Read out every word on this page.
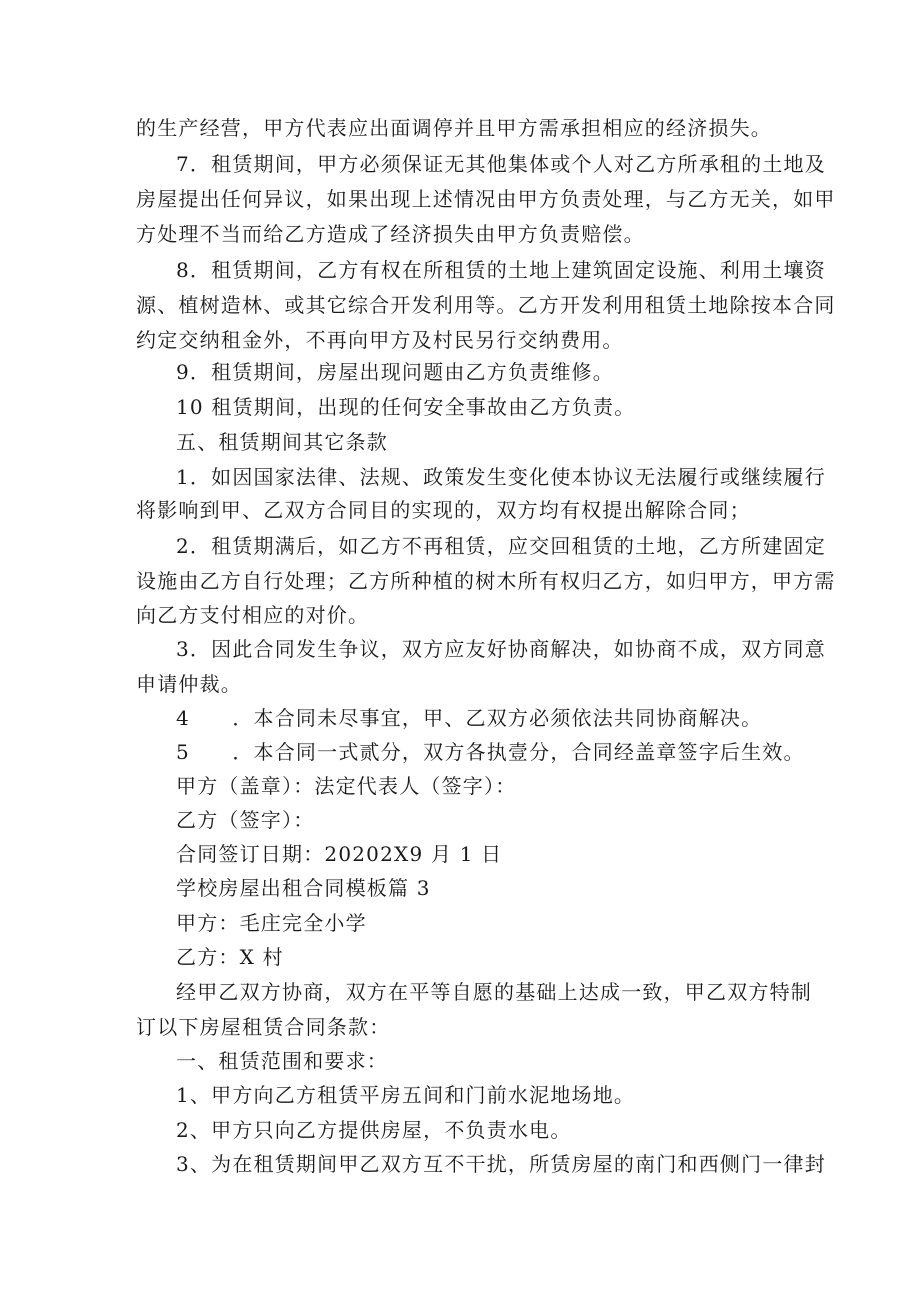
的生产经营，甲方代表应出面调停并且甲方需承担相应的经济损失。
7．租赁期间，甲方必须保证无其他集体或个人对乙方所承租的土地及
房屋提出任何异议，如果出现上述情况由甲方负责处理，与乙方无关，如甲
方处理不当而给乙方造成了经济损失由甲方负责赔偿。
8．租赁期间，乙方有权在所租赁的土地上建筑固定设施、利用土壤资
源、植树造林、或其它综合开发利用等。乙方开发利用租赁土地除按本合同
约定交纳租金外，不再向甲方及村民另行交纳费用。
9．租赁期间，房屋出现问题由乙方负责维修。
10 租赁期间，出现的任何安全事故由乙方负责。
五、租赁期间其它条款
1．如因国家法律、法规、政策发生变化使本协议无法履行或继续履行
将影响到甲、乙双方合同目的实现的，双方均有权提出解除合同；
2．租赁期满后，如乙方不再租赁，应交回租赁的土地，乙方所建固定
设施由乙方自行处理；乙方所种植的树木所有权归乙方，如归甲方，甲方需
向乙方支付相应的对价。
3．因此合同发生争议，双方应友好协商解决，如协商不成，双方同意
申请仲裁。
4　　．本合同未尽事宜，甲、乙双方必须依法共同协商解决。
5　　．本合同一式贰分，双方各执壹分，合同经盖章签字后生效。
甲方（盖章）：法定代表人（签字）：
乙方（签字）：
合同签订日期：20202X9 月 1 日
学校房屋出租合同模板篇 3
甲方：毛庄完全小学
乙方：X 村
经甲乙双方协商，双方在平等自愿的基础上达成一致，甲乙双方特制
订以下房屋租赁合同条款：
一、租赁范围和要求：
1、甲方向乙方租赁平房五间和门前水泥地场地。
2、甲方只向乙方提供房屋，不负责水电。
3、为在租赁期间甲乙双方互不干扰，所赁房屋的南门和西侧门一律封
